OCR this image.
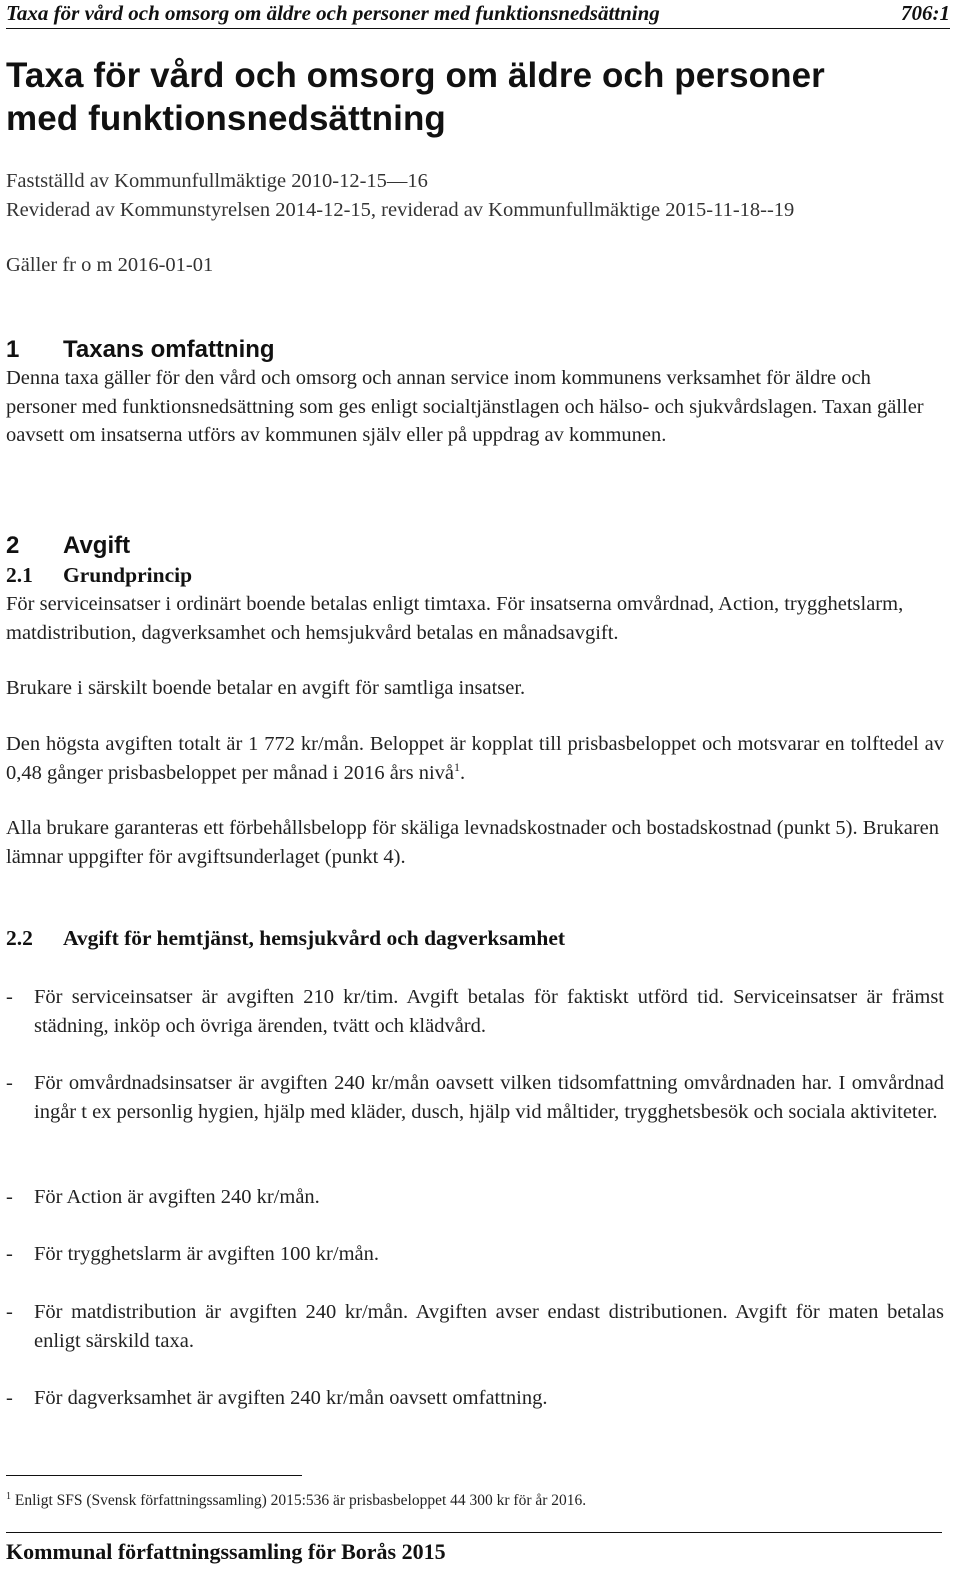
Taxa för vård och omsorg om äldre och personer med funktionsnedsättning	706:1
Taxa för vård och omsorg om äldre och personer
med funktionsnedsättning
Fastställd av Kommunfullmäktige 2010-12-15—16
Reviderad av Kommunstyrelsen 2014-12-15, reviderad av Kommunfullmäktige 2015-11-18--19
Gäller fr o m 2016-01-01
1 Taxans omfattning
Denna taxa gäller för den vård och omsorg och annan service inom kommunens verksamhet för äldre och personer med funktionsnedsättning som ges enligt socialtjänstlagen och hälso- och sjukvårdslagen. Taxan gäller oavsett om insatserna utförs av kommunen själv eller på uppdrag av kommunen.
2 Avgift
2.1 Grundprincip
För serviceinsatser i ordinärt boende betalas enligt timtaxa. För insatserna omvårdnad, Action, trygghetslarm, matdistribution, dagverksamhet och hemsjukvård betalas en månadsavgift.
Brukare i särskilt boende betalar en avgift för samtliga insatser.
Den högsta avgiften totalt är 1 772 kr/mån. Beloppet är kopplat till prisbasbeloppet och motsvarar en tolftedel av 0,48 gånger prisbasbeloppet per månad i 2016 års nivå$^1$.
Alla brukare garanteras ett förbehållsbelopp för skäliga levnadskostnader och bostadskostnad (punkt 5). Brukaren lämnar uppgifter för avgiftsunderlaget (punkt 4).
2.2 Avgift för hemtjänst, hemsjukvård och dagverksamhet
-	För serviceinsatser är avgiften 210 kr/tim. Avgift betalas för faktiskt utförd tid. Serviceinsatser är främst städning, inköp och övriga ärenden, tvätt och klädvård.
-	För omvårdnadsinsatser är avgiften 240 kr/mån oavsett vilken tidsomfattning omvårdnaden har. I omvårdnad ingår t ex personlig hygien, hjälp med kläder, dusch, hjälp vid måltider, trygghetsbesök och sociala aktiviteter.
-	För Action är avgiften 240 kr/mån.
-	För trygghetslarm är avgiften 100 kr/mån.
-	För matdistribution är avgiften 240 kr/mån. Avgiften avser endast distributionen. Avgift för maten betalas enligt särskild taxa.
-	För dagverksamhet är avgiften 240 kr/mån oavsett omfattning.
$^1$ Enligt SFS (Svensk författningssamling) 2015:536 är prisbasbeloppet 44 300 kr för år 2016.
Kommunal författningssamling för Borås 2015
